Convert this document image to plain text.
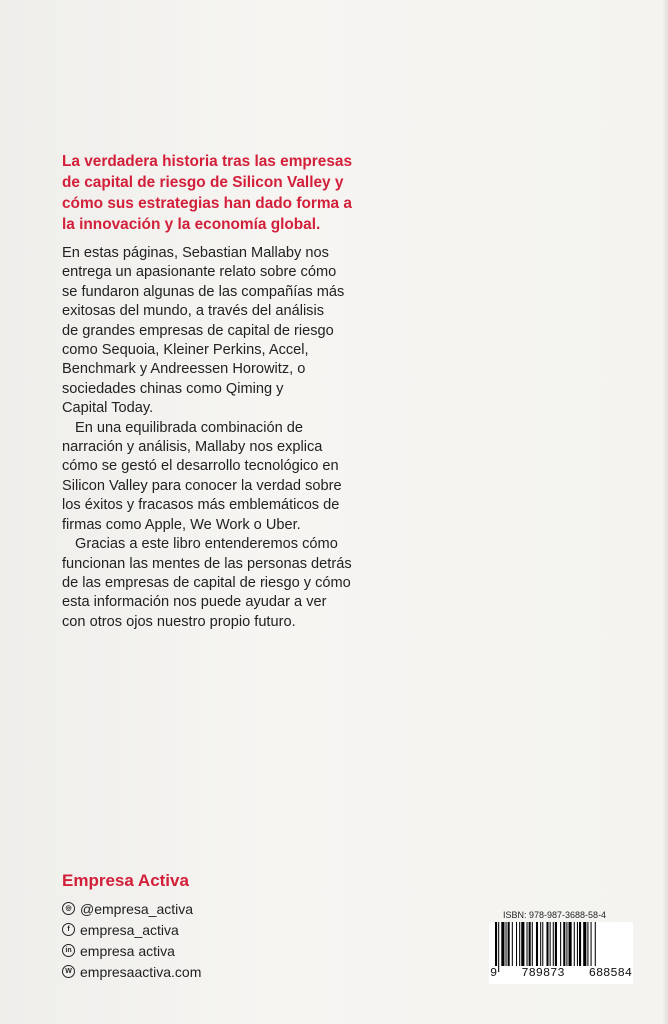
La verdadera historia tras las empresas
de capital de riesgo de Silicon Valley y
cómo sus estrategias han dado forma a
la innovación y la economía global.

En estas páginas, Sebastian Mallaby nos
entrega un apasionante relato sobre cómo
se fundaron algunas de las compañías más
exitosas del mundo, a través del análisis
de grandes empresas de capital de riesgo
como Sequoia, Kleiner Perkins, Accel,
Benchmark y Andreessen Horowitz, o
sociedades chinas como Qiming y
Capital Today.

En una equilibrada combinación de
narración y análisis, Mallaby nos explica
cómo se gestó el desarrollo tecnológico en
Silicon Valley para conocer la verdad sobre
los éxitos y fracasos más emblemáticos de
firmas como Apple, We Work o Uber.

Gracias a este libro entenderemos cómo
funcionan las mentes de las personas detrás
de las empresas de capital de riesgo y cómo
esta información nos puede ayudar a ver
con otros ojos nuestro propio futuro.

Empresa Activa
◎ @empresa_activa
f empresa_activa
in empresa activa
W empresaactiva.com
ISBN: 978-987-3688-58-4
9 789873 688584
